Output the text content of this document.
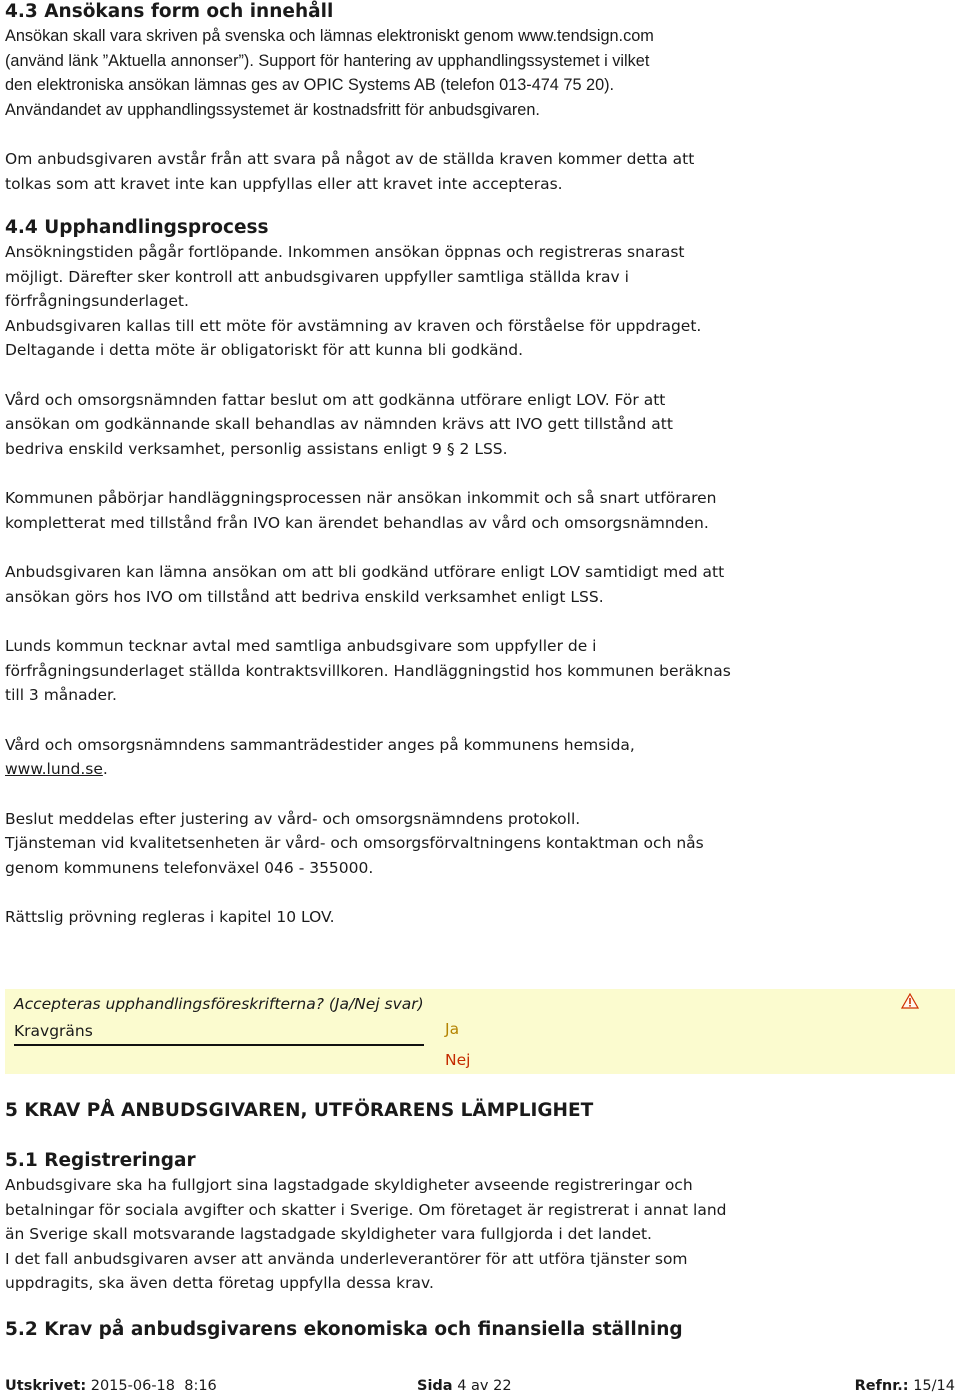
4.3 Ansökans form och innehåll

Ansökan skall vara skriven på svenska och lämnas elektroniskt genom www.tendsign.com

(använd länk ”Aktuella annonser”). Support för hantering av upphandlingssystemet i vilket

den elektroniska ansökan lämnas ges av OPIC Systems AB (telefon 013-474 75 20).

Användandet av upphandlingssystemet är kostnadsfritt för anbudsgivaren.

Om anbudsgivaren avstår från att svara på något av de ställda kraven kommer detta att

tolkas som att kravet inte kan uppfyllas eller att kravet inte accepteras.

4.4 Upphandlingsprocess

Ansökningstiden pågår fortlöpande. Inkommen ansökan öppnas och registreras snarast

möjligt. Därefter sker kontroll att anbudsgivaren uppfyller samtliga ställda krav i

förfrågningsunderlaget.

Anbudsgivaren kallas till ett möte för avstämning av kraven och förståelse för uppdraget.

Deltagande i detta möte är obligatoriskt för att kunna bli godkänd.

Vård och omsorgsnämnden fattar beslut om att godkänna utförare enligt LOV. För att

ansökan om godkännande skall behandlas av nämnden krävs att IVO gett tillstånd att

bedriva enskild verksamhet, personlig assistans enligt 9 § 2 LSS.

Kommunen påbörjar handläggningsprocessen när ansökan inkommit och så snart utföraren

kompletterat med tillstånd från IVO kan ärendet behandlas av vård och omsorgsnämnden.

Anbudsgivaren kan lämna ansökan om att bli godkänd utförare enligt LOV samtidigt med att

ansökan görs hos IVO om tillstånd att bedriva enskild verksamhet enligt LSS.

Lunds kommun tecknar avtal med samtliga anbudsgivare som uppfyller de i

förfrågningsunderlaget ställda kontraktsvillkoren. Handläggningstid hos kommunen beräknas

till 3 månader.

Vård och omsorgsnämndens sammanträdestider anges på kommunens hemsida,

www.lund.se.

Beslut meddelas efter justering av vård- och omsorgsnämndens protokoll.

Tjänsteman vid kvalitetsenheten är vård- och omsorgsförvaltningens kontaktman och nås

genom kommunens telefonväxel 046 - 355000.

Rättslig prövning regleras i kapitel 10 LOV.

Accepteras upphandlingsföreskrifterna? (Ja/Nej svar)
Kravgräns	Ja
Nej
5 KRAV PÅ ANBUDSGIVAREN, UTFÖRARENS LÄMPLIGHET
5.1 Registreringar

Anbudsgivare ska ha fullgjort sina lagstadgade skyldigheter avseende registreringar och

betalningar för sociala avgifter och skatter i Sverige. Om företaget är registrerat i annat land

än Sverige skall motsvarande lagstadgade skyldigheter vara fullgjorda i det landet.

I det fall anbudsgivaren avser att använda underleverantörer för att utföra tjänster som

uppdragits, ska även detta företag uppfylla dessa krav.

5.2 Krav på anbudsgivarens ekonomiska och finansiella ställning
Utskrivet: 2015-06-18  8:16	Sida 4 av 22	Refnr.: 15/14
